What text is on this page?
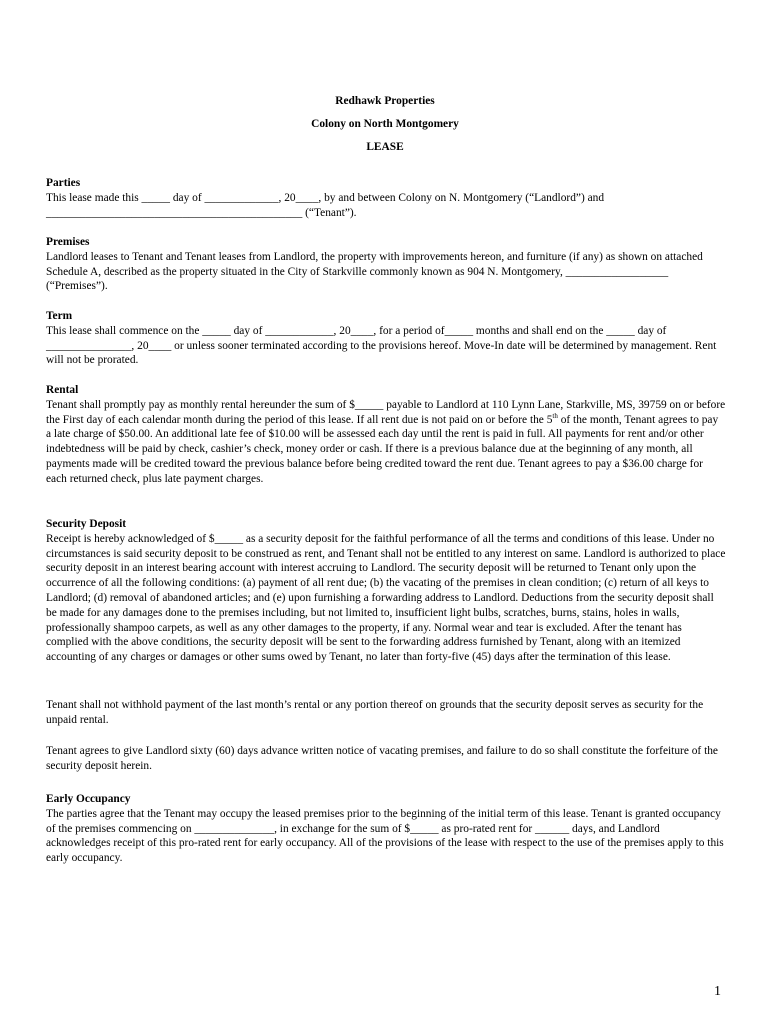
Redhawk Properties
Colony on North Montgomery
LEASE
Parties
This lease made this _____ day of _____________, 20____, by and between Colony on N. Montgomery (“Landlord”) and _____________________________________________ (“Tenant”).
Premises
Landlord leases to Tenant and Tenant leases from Landlord, the property with improvements hereon, and furniture (if any) as shown on attached Schedule A, described as the property situated in the City of Starkville commonly known as 904 N. Montgomery, __________________ (“Premises”).
Term
This lease shall commence on the _____ day of ____________, 20____, for a period of_____ months and shall end on the _____ day of _______________, 20____ or unless sooner terminated according to the provisions hereof. Move-In date will be determined by management. Rent will not be prorated.
Rental
Tenant shall promptly pay as monthly rental hereunder the sum of $_____ payable to Landlord at 110 Lynn Lane, Starkville, MS, 39759 on or before the First day of each calendar month during the period of this lease. If all rent due is not paid on or before the 5th of the month, Tenant agrees to pay a late charge of $50.00. An additional late fee of $10.00 will be assessed each day until the rent is paid in full. All payments for rent and/or other indebtedness will be paid by check, cashier’s check, money order or cash. If there is a previous balance due at the beginning of any month, all payments made will be credited toward the previous balance before being credited toward the rent due. Tenant agrees to pay a $36.00 charge for each returned check, plus late payment charges.
Security Deposit
Receipt is hereby acknowledged of $_____ as a security deposit for the faithful performance of all the terms and conditions of this lease. Under no circumstances is said security deposit to be construed as rent, and Tenant shall not be entitled to any interest on same. Landlord is authorized to place security deposit in an interest bearing account with interest accruing to Landlord. The security deposit will be returned to Tenant only upon the occurrence of all the following conditions: (a) payment of all rent due; (b) the vacating of the premises in clean condition; (c) return of all keys to Landlord; (d) removal of abandoned articles; and (e) upon furnishing a forwarding address to Landlord. Deductions from the security deposit shall be made for any damages done to the premises including, but not limited to, insufficient light bulbs, scratches, burns, stains, holes in walls, professionally shampoo carpets, as well as any other damages to the property, if any. Normal wear and tear is excluded. After the tenant has complied with the above conditions, the security deposit will be sent to the forwarding address furnished by Tenant, along with an itemized accounting of any charges or damages or other sums owed by Tenant, no later than forty-five (45) days after the termination of this lease.
Tenant shall not withhold payment of the last month’s rental or any portion thereof on grounds that the security deposit serves as security for the unpaid rental.
Tenant agrees to give Landlord sixty (60) days advance written notice of vacating premises, and failure to do so shall constitute the forfeiture of the security deposit herein.
Early Occupancy
The parties agree that the Tenant may occupy the leased premises prior to the beginning of the initial term of this lease. Tenant is granted occupancy of the premises commencing on ______________, in exchange for the sum of $_____ as pro-rated rent for ______ days, and Landlord acknowledges receipt of this pro-rated rent for early occupancy. All of the provisions of the lease with respect to the use of the premises apply to this early occupancy.
1
